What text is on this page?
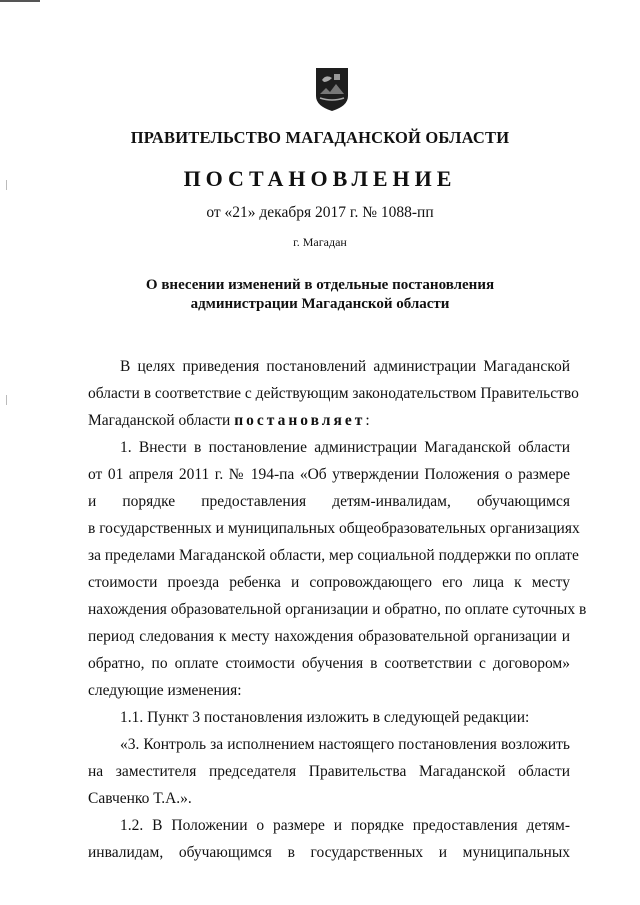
ПРАВИТЕЛЬСТВО МАГАДАНСКОЙ ОБЛАСТИ
ПОСТАНОВЛЕНИЕ
от «21» декабря 2017 г. № 1088-пп
г. Магадан
О внесении изменений в отдельные постановления
администрации Магаданской области
В целях приведения постановлений администрации Магаданской
области в соответствие с действующим законодательством Правительство
Магаданской области постановляет:
1. Внести в постановление администрации Магаданской области
от 01 апреля 2011 г. № 194-па «Об утверждении Положения о размере
и порядке предоставления детям-инвалидам, обучающимся
в государственных и муниципальных общеобразовательных организациях
за пределами Магаданской области, мер социальной поддержки по оплате
стоимости проезда ребенка и сопровождающего его лица к месту
нахождения образовательной организации и обратно, по оплате суточных в
период следования к месту нахождения образовательной организации и
обратно, по оплате стоимости обучения в соответствии с договором»
следующие изменения:
1.1. Пункт 3 постановления изложить в следующей редакции:
«3. Контроль за исполнением настоящего постановления возложить
на заместителя председателя Правительства Магаданской области
Савченко Т.А.».
1.2. В Положении о размере и порядке предоставления детям-
инвалидам, обучающимся в государственных и муниципальных
